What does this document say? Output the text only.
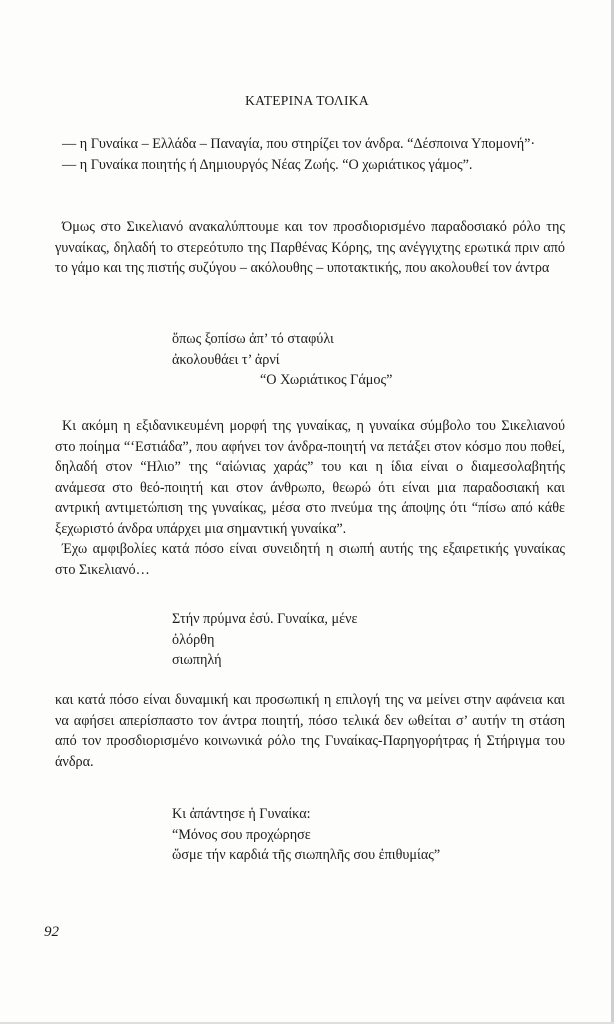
ΚΑΤΕΡΙΝΑ ΤΟΛΙΚΑ

— η Γυναίκα – Ελλάδα – Παναγία, που στηρίζει τον άνδρα. “Δέσποινα Υπομονή”·

— η Γυναίκα ποιητής ή Δημιουργός Νέας Ζωής. “Ο χωριάτικος γάμος”.

Όμως στο Σικελιανό ανακαλύπτουμε και τον προσδιορισμένο παραδοσιακό ρόλο της γυναίκας, δηλαδή το στερεότυπο της Παρθένας Κόρης, της ανέγγιχτης ερωτικά πριν από το γάμο και της πιστής συζύγου – ακόλουθης – υποτακτικής, που ακολουθεί τον άντρα

ὅπως ξοπίσω ἀπ’ τό σταφύλι
ἀκολουθάει τ’ ἀρνί
“Ο Χωριάτικος Γάμος”

Κι ακόμη η εξιδανικευμένη μορφή της γυναίκας, η γυναίκα σύμβολο του Σικελιανού στο ποίημα “‘Εστιάδα”, που αφήνει τον άνδρα-ποιητή να πετάξει στον κόσμο που ποθεί, δηλαδή στον “Ηλιο” της “αἰώνιας χαράς” του και η ίδια είναι ο διαμεσολαβητής ανάμεσα στο θεό-ποιητή και στον άνθρωπο, θεωρώ ότι είναι μια παραδοσιακή και αντρική αντιμετώπιση της γυναίκας, μέσα στο πνεύμα της άποψης ότι “πίσω από κάθε ξεχωριστό άνδρα υπάρχει μια σημαντική γυναίκα”.

Έχω αμφιβολίες κατά πόσο είναι συνειδητή η σιωπή αυτής της εξαιρετικής γυναίκας στο Σικελιανό…

Στήν πρύμνα ἐσύ. Γυναίκα, μένε
ὀλόρθη
σιωπηλή

και κατά πόσο είναι δυναμική και προσωπική η επιλογή της να μείνει στην αφάνεια και να αφήσει απερίσπαστο τον άντρα ποιητή, πόσο τελικά δεν ωθείται σ’ αυτήν τη στάση από τον προσδιορισμένο κοινωνικά ρόλο της Γυναίκας-Παρηγορήτρας ή Στήριγμα του άνδρα.

Κι ἀπάντησε ἡ Γυναίκα:
“Μόνος σου προχώρησε
ὥσμε τήν καρδιά τῆς σιωπηλῆς σου ἐπιθυμίας”
92
